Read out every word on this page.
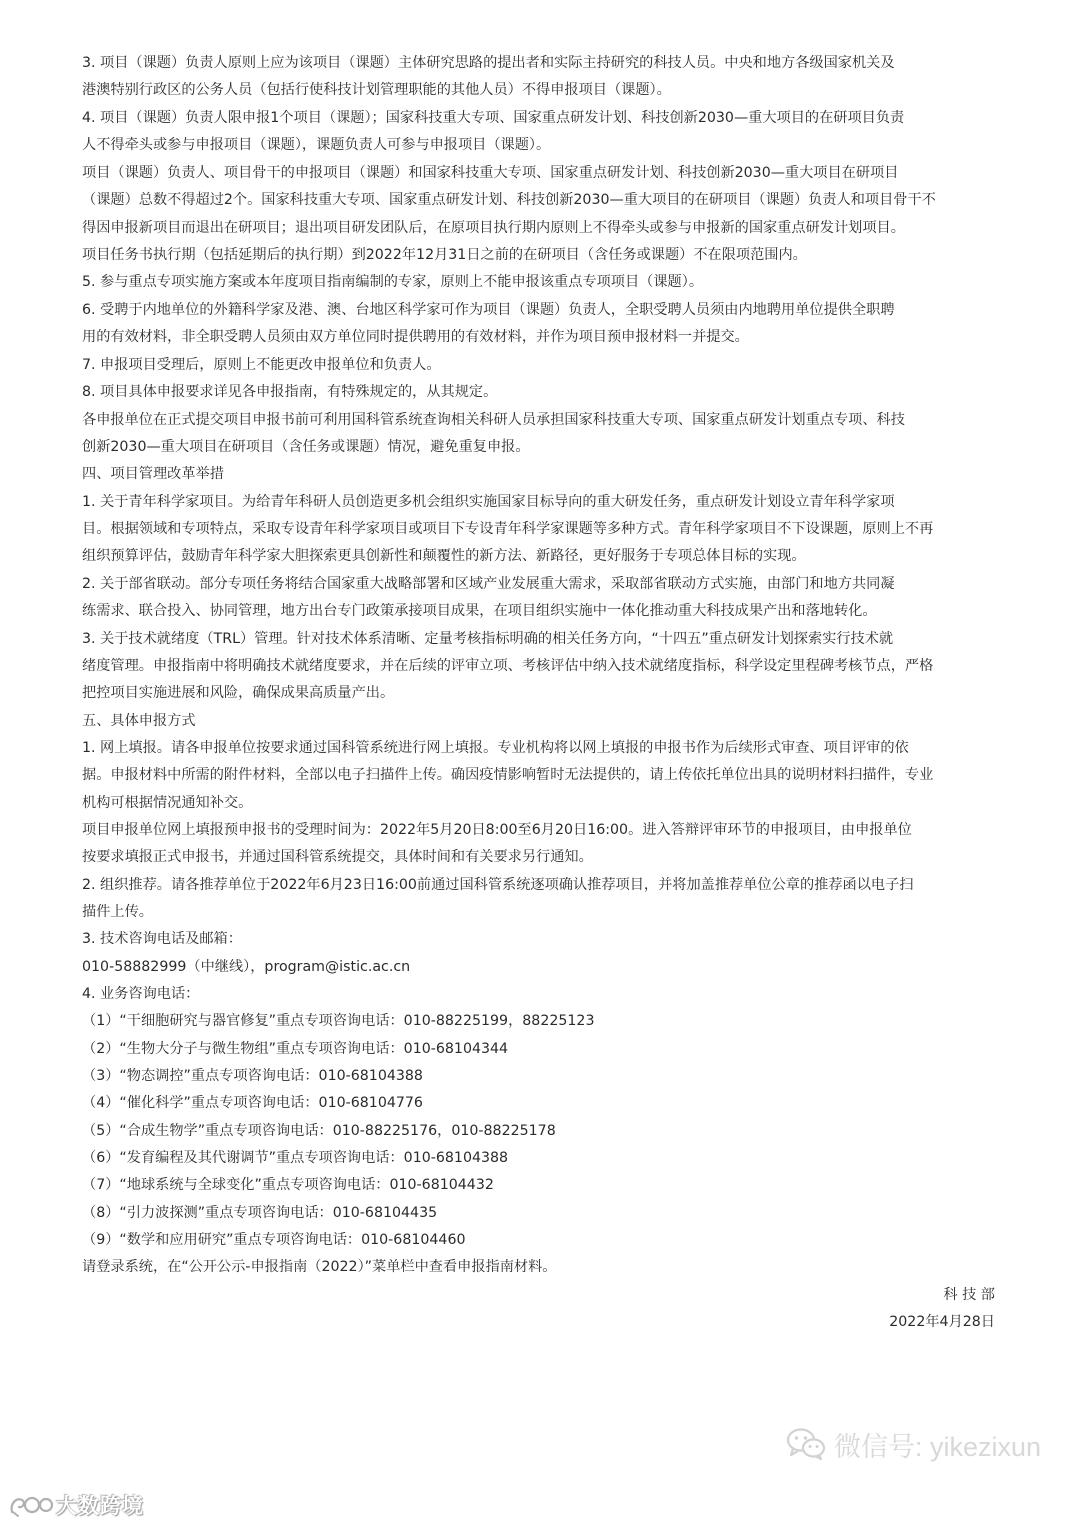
3. 项目（课题）负责人原则上应为该项目（课题）主体研究思路的提出者和实际主持研究的科技人员。中央和地方各级国家机关及
港澳特别行政区的公务人员（包括行使科技计划管理职能的其他人员）不得申报项目（课题）。
4. 项目（课题）负责人限申报1个项目（课题）；国家科技重大专项、国家重点研发计划、科技创新2030—重大项目的在研项目负责
人不得牵头或参与申报项目（课题），课题负责人可参与申报项目（课题）。
项目（课题）负责人、项目骨干的申报项目（课题）和国家科技重大专项、国家重点研发计划、科技创新2030—重大项目在研项目
（课题）总数不得超过2个。国家科技重大专项、国家重点研发计划、科技创新2030—重大项目的在研项目（课题）负责人和项目骨干不
得因申报新项目而退出在研项目；退出项目研发团队后，在原项目执行期内原则上不得牵头或参与申报新的国家重点研发计划项目。
项目任务书执行期（包括延期后的执行期）到2022年12月31日之前的在研项目（含任务或课题）不在限项范围内。
5. 参与重点专项实施方案或本年度项目指南编制的专家，原则上不能申报该重点专项项目（课题）。
6. 受聘于内地单位的外籍科学家及港、澳、台地区科学家可作为项目（课题）负责人，全职受聘人员须由内地聘用单位提供全职聘
用的有效材料，非全职受聘人员须由双方单位同时提供聘用的有效材料，并作为项目预申报材料一并提交。
7. 申报项目受理后，原则上不能更改申报单位和负责人。
8. 项目具体申报要求详见各申报指南，有特殊规定的，从其规定。
各申报单位在正式提交项目申报书前可利用国科管系统查询相关科研人员承担国家科技重大专项、国家重点研发计划重点专项、科技
创新2030—重大项目在研项目（含任务或课题）情况，避免重复申报。
四、项目管理改革举措
1. 关于青年科学家项目。为给青年科研人员创造更多机会组织实施国家目标导向的重大研发任务，重点研发计划设立青年科学家项
目。根据领域和专项特点，采取专设青年科学家项目或项目下专设青年科学家课题等多种方式。青年科学家项目不下设课题，原则上不再
组织预算评估，鼓励青年科学家大胆探索更具创新性和颠覆性的新方法、新路径，更好服务于专项总体目标的实现。
2. 关于部省联动。部分专项任务将结合国家重大战略部署和区域产业发展重大需求，采取部省联动方式实施，由部门和地方共同凝
练需求、联合投入、协同管理，地方出台专门政策承接项目成果，在项目组织实施中一体化推动重大科技成果产出和落地转化。
3. 关于技术就绪度（TRL）管理。针对技术体系清晰、定量考核指标明确的相关任务方向，“十四五”重点研发计划探索实行技术就
绪度管理。申报指南中将明确技术就绪度要求，并在后续的评审立项、考核评估中纳入技术就绪度指标，科学设定里程碑考核节点，严格
把控项目实施进展和风险，确保成果高质量产出。
五、具体申报方式
1. 网上填报。请各申报单位按要求通过国科管系统进行网上填报。专业机构将以网上填报的申报书作为后续形式审查、项目评审的依
据。申报材料中所需的附件材料，全部以电子扫描件上传。确因疫情影响暂时无法提供的，请上传依托单位出具的说明材料扫描件，专业
机构可根据情况通知补交。
项目申报单位网上填报预申报书的受理时间为：2022年5月20日8:00至6月20日16:00。进入答辩评审环节的申报项目，由申报单位
按要求填报正式申报书，并通过国科管系统提交，具体时间和有关要求另行通知。
2. 组织推荐。请各推荐单位于2022年6月23日16:00前通过国科管系统逐项确认推荐项目，并将加盖推荐单位公章的推荐函以电子扫
描件上传。
3. 技术咨询电话及邮箱：
010-58882999（中继线），program@istic.ac.cn
4. 业务咨询电话：
（1）“干细胞研究与器官修复”重点专项咨询电话：010-88225199，88225123
（2）“生物大分子与微生物组”重点专项咨询电话：010-68104344
（3）“物态调控”重点专项咨询电话：010-68104388
（4）“催化科学”重点专项咨询电话：010-68104776
（5）“合成生物学”重点专项咨询电话：010-88225176，010-88225178
（6）“发育编程及其代谢调节”重点专项咨询电话：010-68104388
（7）“地球系统与全球变化”重点专项咨询电话：010-68104432
（8）“引力波探测”重点专项咨询电话：010-68104435
（9）“数学和应用研究”重点专项咨询电话：010-68104460
请登录系统，在“公开公示-申报指南（2022）”菜单栏中查看申报指南材料。
科 技 部
2022年4月28日
微信号: yikezixun
大数跨境
